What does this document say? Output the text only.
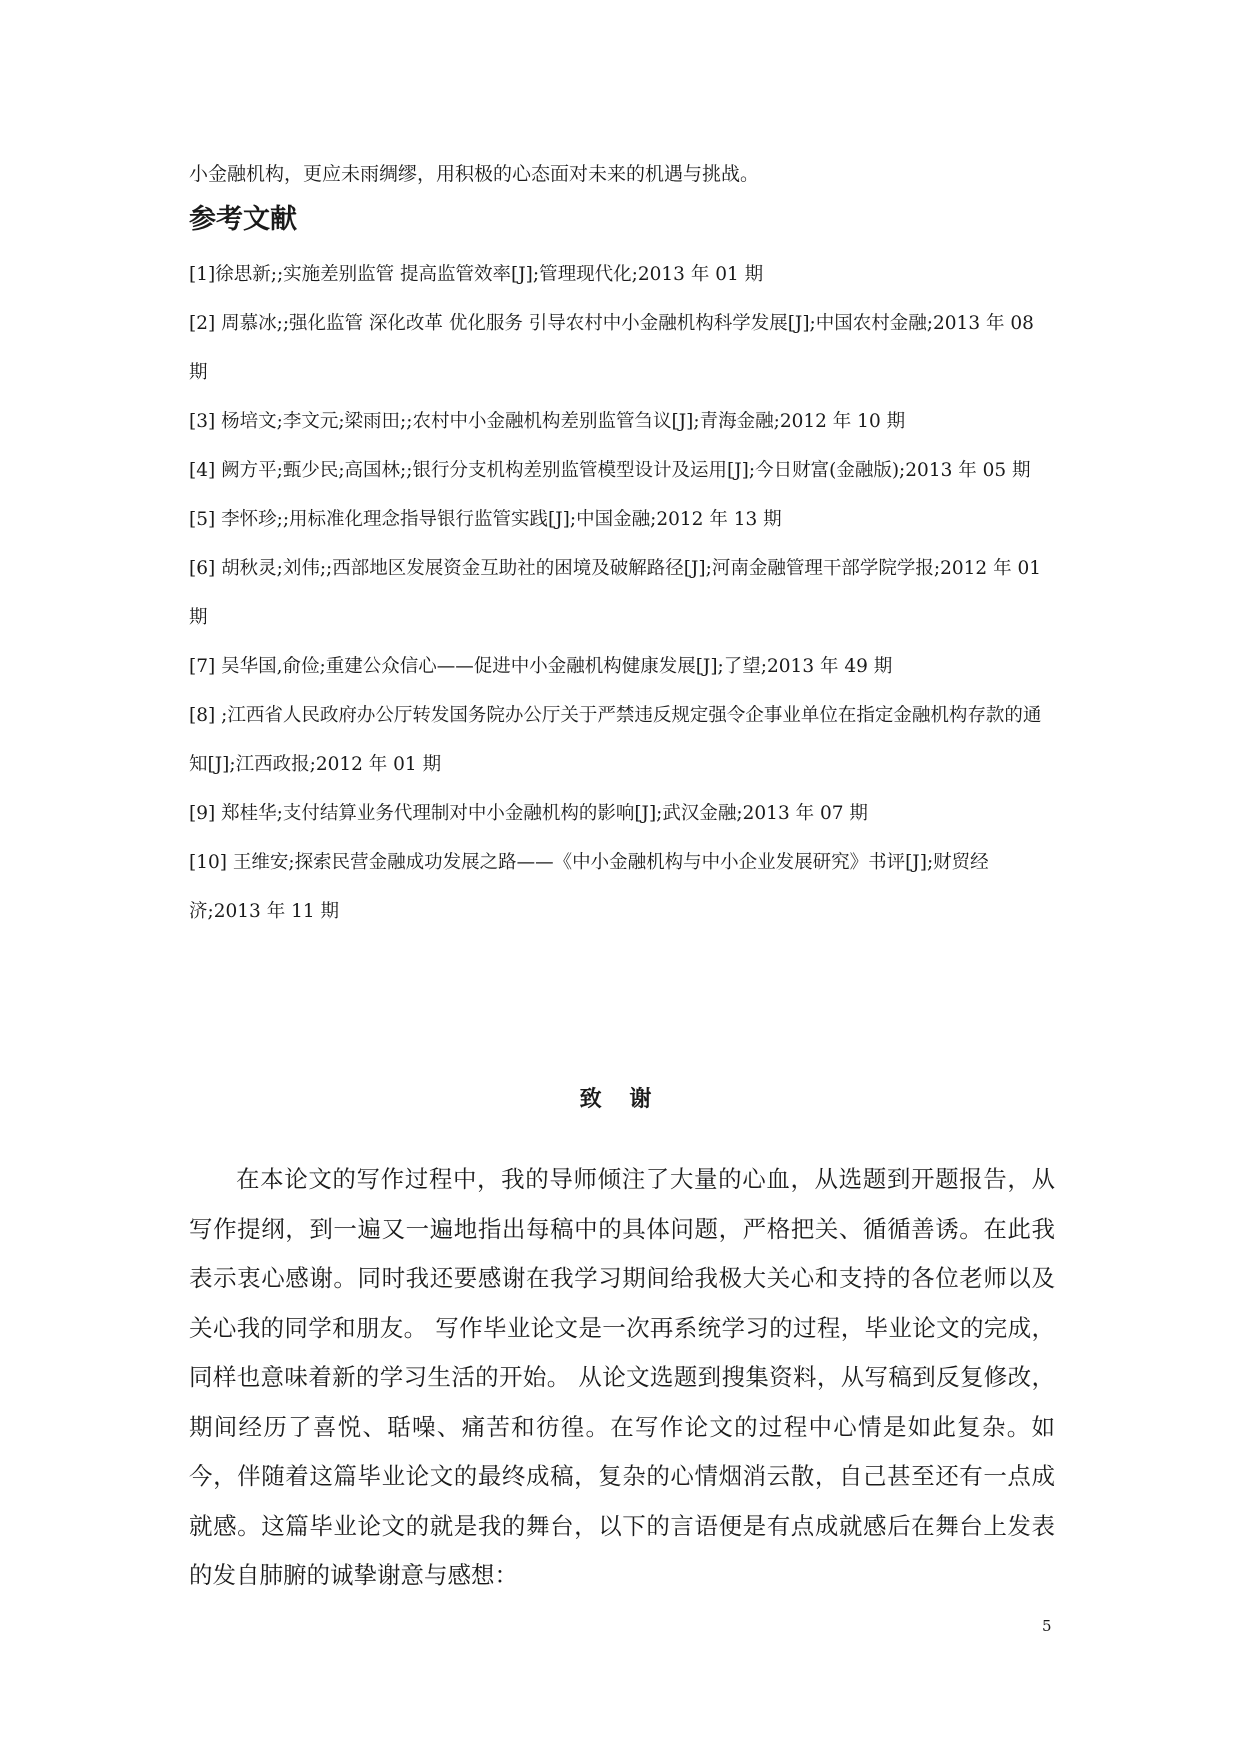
小金融机构，更应未雨绸缪，用积极的心态面对未来的机遇与挑战。

参考文献
[1]徐思新;;实施差别监管 提高监管效率[J];管理现代化;2013 年 01 期
[2] 周慕冰;;强化监管 深化改革 优化服务 引导农村中小金融机构科学发展[J];中国农村金融;2013 年 08 期
[3] 杨培文;李文元;梁雨田;;农村中小金融机构差别监管刍议[J];青海金融;2012 年 10 期
[4] 阙方平;甄少民;高国林;;银行分支机构差别监管模型设计及运用[J];今日财富(金融版);2013 年 05 期
[5] 李怀珍;;用标准化理念指导银行监管实践[J];中国金融;2012 年 13 期
[6] 胡秋灵;刘伟;;西部地区发展资金互助社的困境及破解路径[J];河南金融管理干部学院学报;2012 年 01 期
[7] 吴华国,俞俭;重建公众信心——促进中小金融机构健康发展[J];了望;2013 年 49 期
[8] ;江西省人民政府办公厅转发国务院办公厅关于严禁违反规定强令企事业单位在指定金融机构存款的通知[J];江西政报;2012 年 01 期
[9] 郑桂华;支付结算业务代理制对中小金融机构的影响[J];武汉金融;2013 年 07 期
[10] 王维安;探索民营金融成功发展之路——《中小金融机构与中小企业发展研究》书评[J];财贸经济;2013 年 11 期
致 谢

在本论文的写作过程中，我的导师倾注了大量的心血，从选题到开题报告，从写作提纲，到一遍又一遍地指出每稿中的具体问题，严格把关、循循善诱。在此我表示衷心感谢。同时我还要感谢在我学习期间给我极大关心和支持的各位老师以及关心我的同学和朋友。 写作毕业论文是一次再系统学习的过程，毕业论文的完成，同样也意味着新的学习生活的开始。 从论文选题到搜集资料，从写稿到反复修改，期间经历了喜悦、聒噪、痛苦和彷徨。在写作论文的过程中心情是如此复杂。如今，伴随着这篇毕业论文的最终成稿，复杂的心情烟消云散，自己甚至还有一点成就感。这篇毕业论文的就是我的舞台，以下的言语便是有点成就感后在舞台上发表的发自肺腑的诚挚谢意与感想：

5
